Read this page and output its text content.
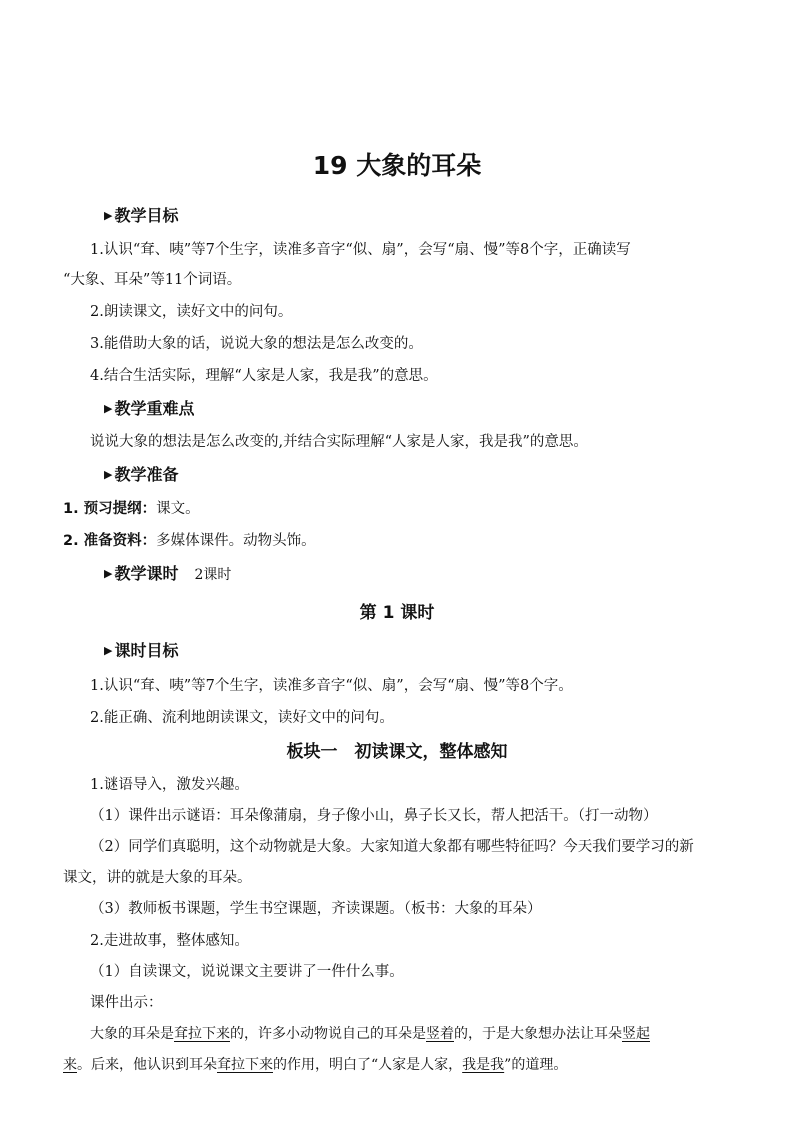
19 大象的耳朵
▶ 教学目标
1.认识“耷、咦”等7个生字，读准多音字“似、扇”，会写“扇、慢”等8个字，正确读写
“大象、耳朵”等11个词语。
2.朗读课文，读好文中的问句。
3.能借助大象的话，说说大象的想法是怎么改变的。
4.结合生活实际，理解“人家是人家，我是我”的意思。
▶ 教学重难点
说说大象的想法是怎么改变的,并结合实际理解“人家是人家，我是我”的意思。
▶ 教学准备
1. 预习提纲：课文。
2. 准备资料：多媒体课件。动物头饰。
▶ 教学课时 2课时
第 1 课时
▶ 课时目标
1.认识“耷、咦”等7个生字，读准多音字“似、扇”，会写“扇、慢”等8个字。
2.能正确、流利地朗读课文，读好文中的问句。
板块一　初读课文，整体感知
1.谜语导入，激发兴趣。
（1）课件出示谜语：耳朵像蒲扇，身子像小山，鼻子长又长，帮人把活干。（打一动物）
（2）同学们真聪明，这个动物就是大象。大家知道大象都有哪些特征吗？今天我们要学习的新
课文，讲的就是大象的耳朵。
（3）教师板书课题，学生书空课题，齐读课题。（板书：大象的耳朵）
2.走进故事，整体感知。
（1）自读课文，说说课文主要讲了一件什么事。
课件出示：
大象的耳朵是耷拉下来的，许多小动物说自己的耳朵是竖着的，于是大象想办法让耳朵竖起
来。后来，他认识到耳朵耷拉下来的作用，明白了“人家是人家，我是我”的道理。
